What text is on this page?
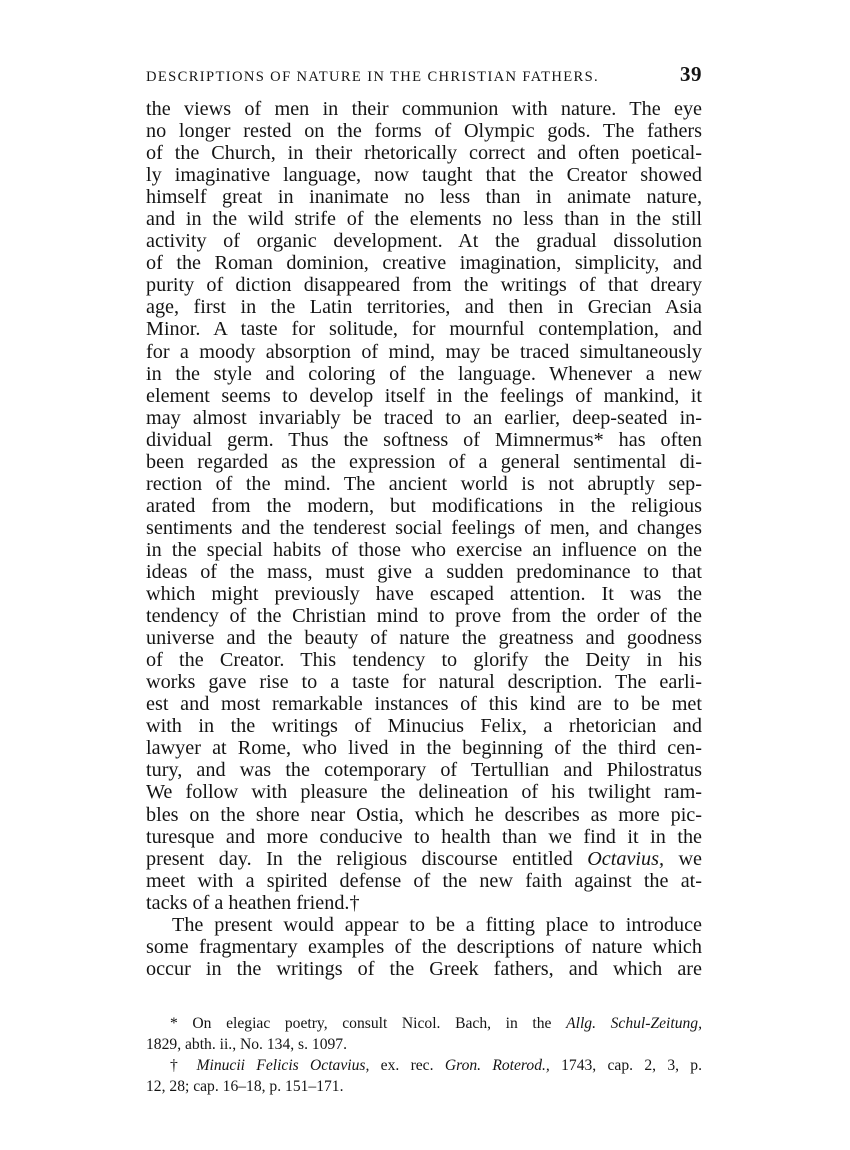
DESCRIPTIONS OF NATURE IN THE CHRISTIAN FATHERS.	39
the views of men in their communion with nature. The eye
no longer rested on the forms of Olympic gods. The fathers
of the Church, in their rhetorically correct and often poetical-
ly imaginative language, now taught that the Creator showed
himself great in inanimate no less than in animate nature,
and in the wild strife of the elements no less than in the still
activity of organic development. At the gradual dissolution
of the Roman dominion, creative imagination, simplicity, and
purity of diction disappeared from the writings of that dreary
age, first in the Latin territories, and then in Grecian Asia
Minor. A taste for solitude, for mournful contemplation, and
for a moody absorption of mind, may be traced simultaneously
in the style and coloring of the language. Whenever a new
element seems to develop itself in the feelings of mankind, it
may almost invariably be traced to an earlier, deep-seated in-
dividual germ. Thus the softness of Mimnermus* has often
been regarded as the expression of a general sentimental di-
rection of the mind. The ancient world is not abruptly sep-
arated from the modern, but modifications in the religious
sentiments and the tenderest social feelings of men, and changes
in the special habits of those who exercise an influence on the
ideas of the mass, must give a sudden predominance to that
which might previously have escaped attention. It was the
tendency of the Christian mind to prove from the order of the
universe and the beauty of nature the greatness and goodness
of the Creator. This tendency to glorify the Deity in his
works gave rise to a taste for natural description. The earli-
est and most remarkable instances of this kind are to be met
with in the writings of Minucius Felix, a rhetorician and
lawyer at Rome, who lived in the beginning of the third cen-
tury, and was the cotemporary of Tertullian and Philostratus
We follow with pleasure the delineation of his twilight ram-
bles on the shore near Ostia, which he describes as more pic-
turesque and more conducive to health than we find it in the
present day. In the religious discourse entitled Octavius, we
meet with a spirited defense of the new faith against the at-
tacks of a heathen friend.†
The present would appear to be a fitting place to introduce
some fragmentary examples of the descriptions of nature which
occur in the writings of the Greek fathers, and which are
* On elegiac poetry, consult Nicol. Bach, in the Allg. Schul-Zeitung,
1829, abth. ii., No. 134, s. 1097.
† Minucii Felicis Octavius, ex. rec. Gron. Roterod., 1743, cap. 2, 3, p.
12, 28; cap. 16–18, p. 151–171.
